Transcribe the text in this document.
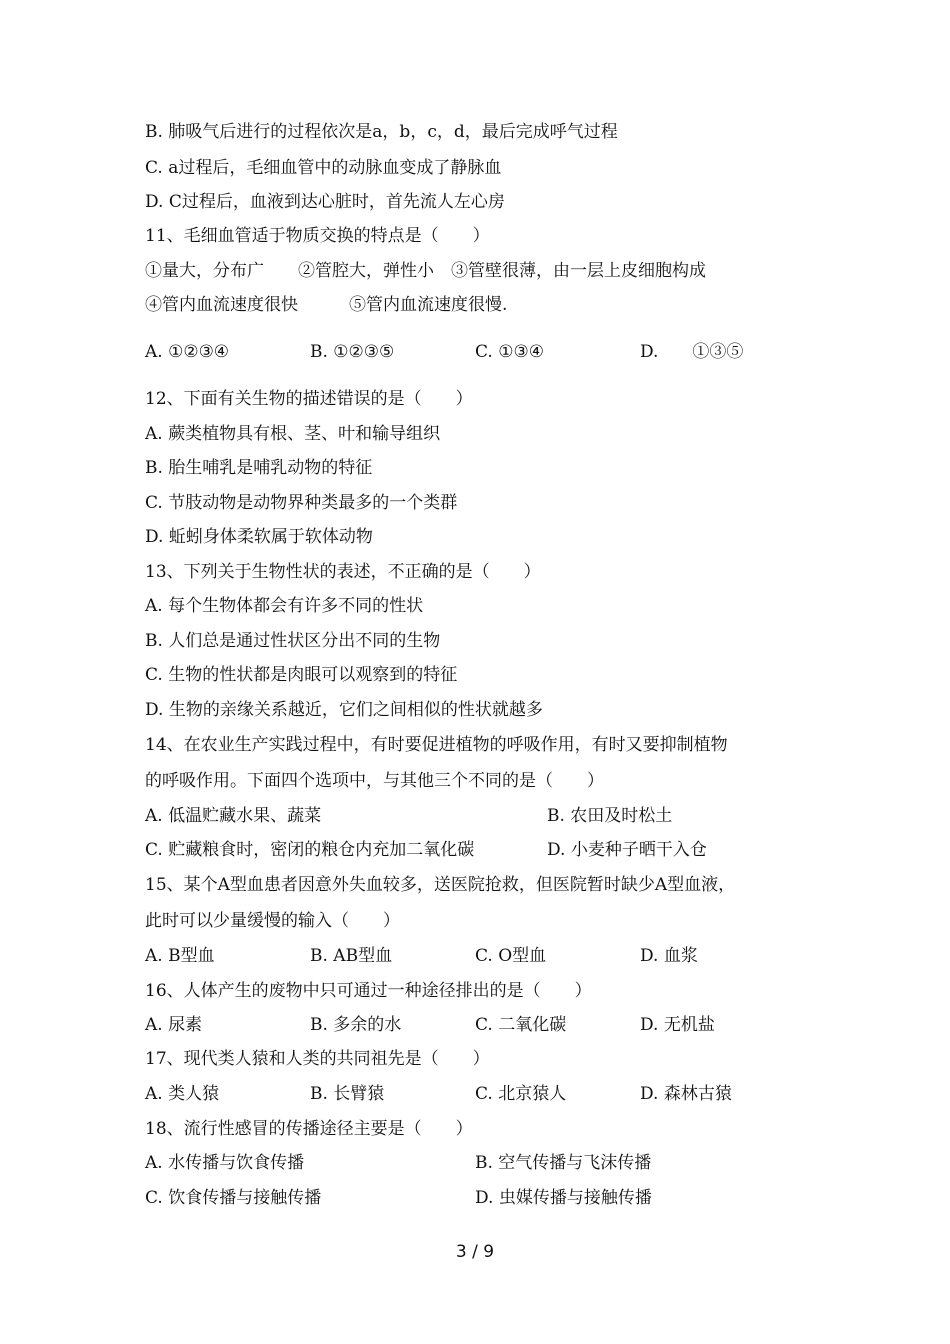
B. 肺吸气后进行的过程依次是a，b，c，d，最后完成呼气过程
C. a过程后，毛细血管中的动脉血变成了静脉血
D. C过程后，血液到达心脏时，首先流人左心房
11、毛细血管适于物质交换的特点是（　　）
①量大，分布广　　②管腔大，弹性小　③管壁很薄，由一层上皮细胞构成
④管内血流速度很快　　　⑤管内血流速度很慢.
A. ①②③④	B. ①②③⑤	C. ①③④	D.　　①③⑤
12、下面有关生物的描述错误的是（　　）
A. 蕨类植物具有根、茎、叶和输导组织
B. 胎生哺乳是哺乳动物的特征
C. 节肢动物是动物界种类最多的一个类群
D. 蚯蚓身体柔软属于软体动物
13、下列关于生物性状的表述，不正确的是（　　）
A. 每个生物体都会有许多不同的性状
B. 人们总是通过性状区分出不同的生物
C. 生物的性状都是肉眼可以观察到的特征
D. 生物的亲缘关系越近，它们之间相似的性状就越多
14、在农业生产实践过程中，有时要促进植物的呼吸作用，有时又要抑制植物
的呼吸作用。下面四个选项中，与其他三个不同的是（　　）
A. 低温贮藏水果、蔬菜	B. 农田及时松土
C. 贮藏粮食时，密闭的粮仓内充加二氧化碳	D. 小麦种子晒干入仓
15、某个A型血患者因意外失血较多，送医院抢救，但医院暂时缺少A型血液，
此时可以少量缓慢的输入（　　）
A. B型血	B. AB型血	C. O型血	D. 血浆
16、人体产生的废物中只可通过一种途径排出的是（　　）
A. 尿素	B. 多余的水	C. 二氧化碳	D. 无机盐
17、现代类人猿和人类的共同祖先是（　　）
A. 类人猿	B. 长臂猿	C. 北京猿人	D. 森林古猿
18、流行性感冒的传播途径主要是（　　）
A. 水传播与饮食传播	B. 空气传播与飞沫传播
C. 饮食传播与接触传播	D. 虫媒传播与接触传播
3 / 9
